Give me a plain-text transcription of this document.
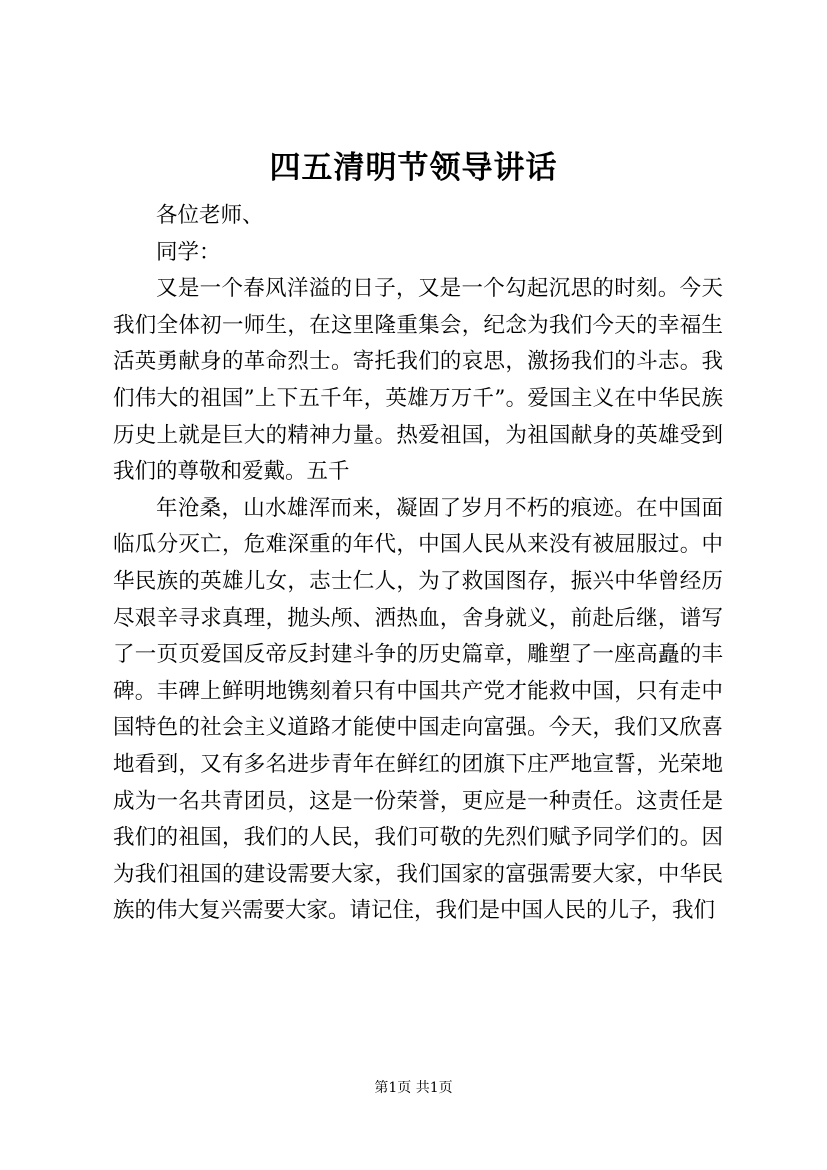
四五清明节领导讲话

各位老师、

同学：

又是一个春风洋溢的日子，又是一个勾起沉思的时刻。今天我们全体初一师生，在这里隆重集会，纪念为我们今天的幸福生活英勇献身的革命烈士。寄托我们的哀思，激扬我们的斗志。我们伟大的祖国”上下五千年，英雄万万千”。爱国主义在中华民族历史上就是巨大的精神力量。热爱祖国，为祖国献身的英雄受到我们的尊敬和爱戴。五千

年沧桑，山水雄浑而来，凝固了岁月不朽的痕迹。在中国面临瓜分灭亡，危难深重的年代，中国人民从来没有被屈服过。中华民族的英雄儿女，志士仁人，为了救国图存，振兴中华曾经历尽艰辛寻求真理，抛头颅、洒热血，舍身就义，前赴后继，谱写了一页页爱国反帝反封建斗争的历史篇章，雕塑了一座高矗的丰碑。丰碑上鲜明地镌刻着只有中国共产党才能救中国，只有走中国特色的社会主义道路才能使中国走向富强。今天，我们又欣喜地看到，又有多名进步青年在鲜红的团旗下庄严地宣誓，光荣地成为一名共青团员，这是一份荣誉，更应是一种责任。这责任是我们的祖国，我们的人民，我们可敬的先烈们赋予同学们的。因为我们祖国的建设需要大家，我们国家的富强需要大家，中华民族的伟大复兴需要大家。请记住，我们是中国人民的儿子，我们

第1页 共1页
